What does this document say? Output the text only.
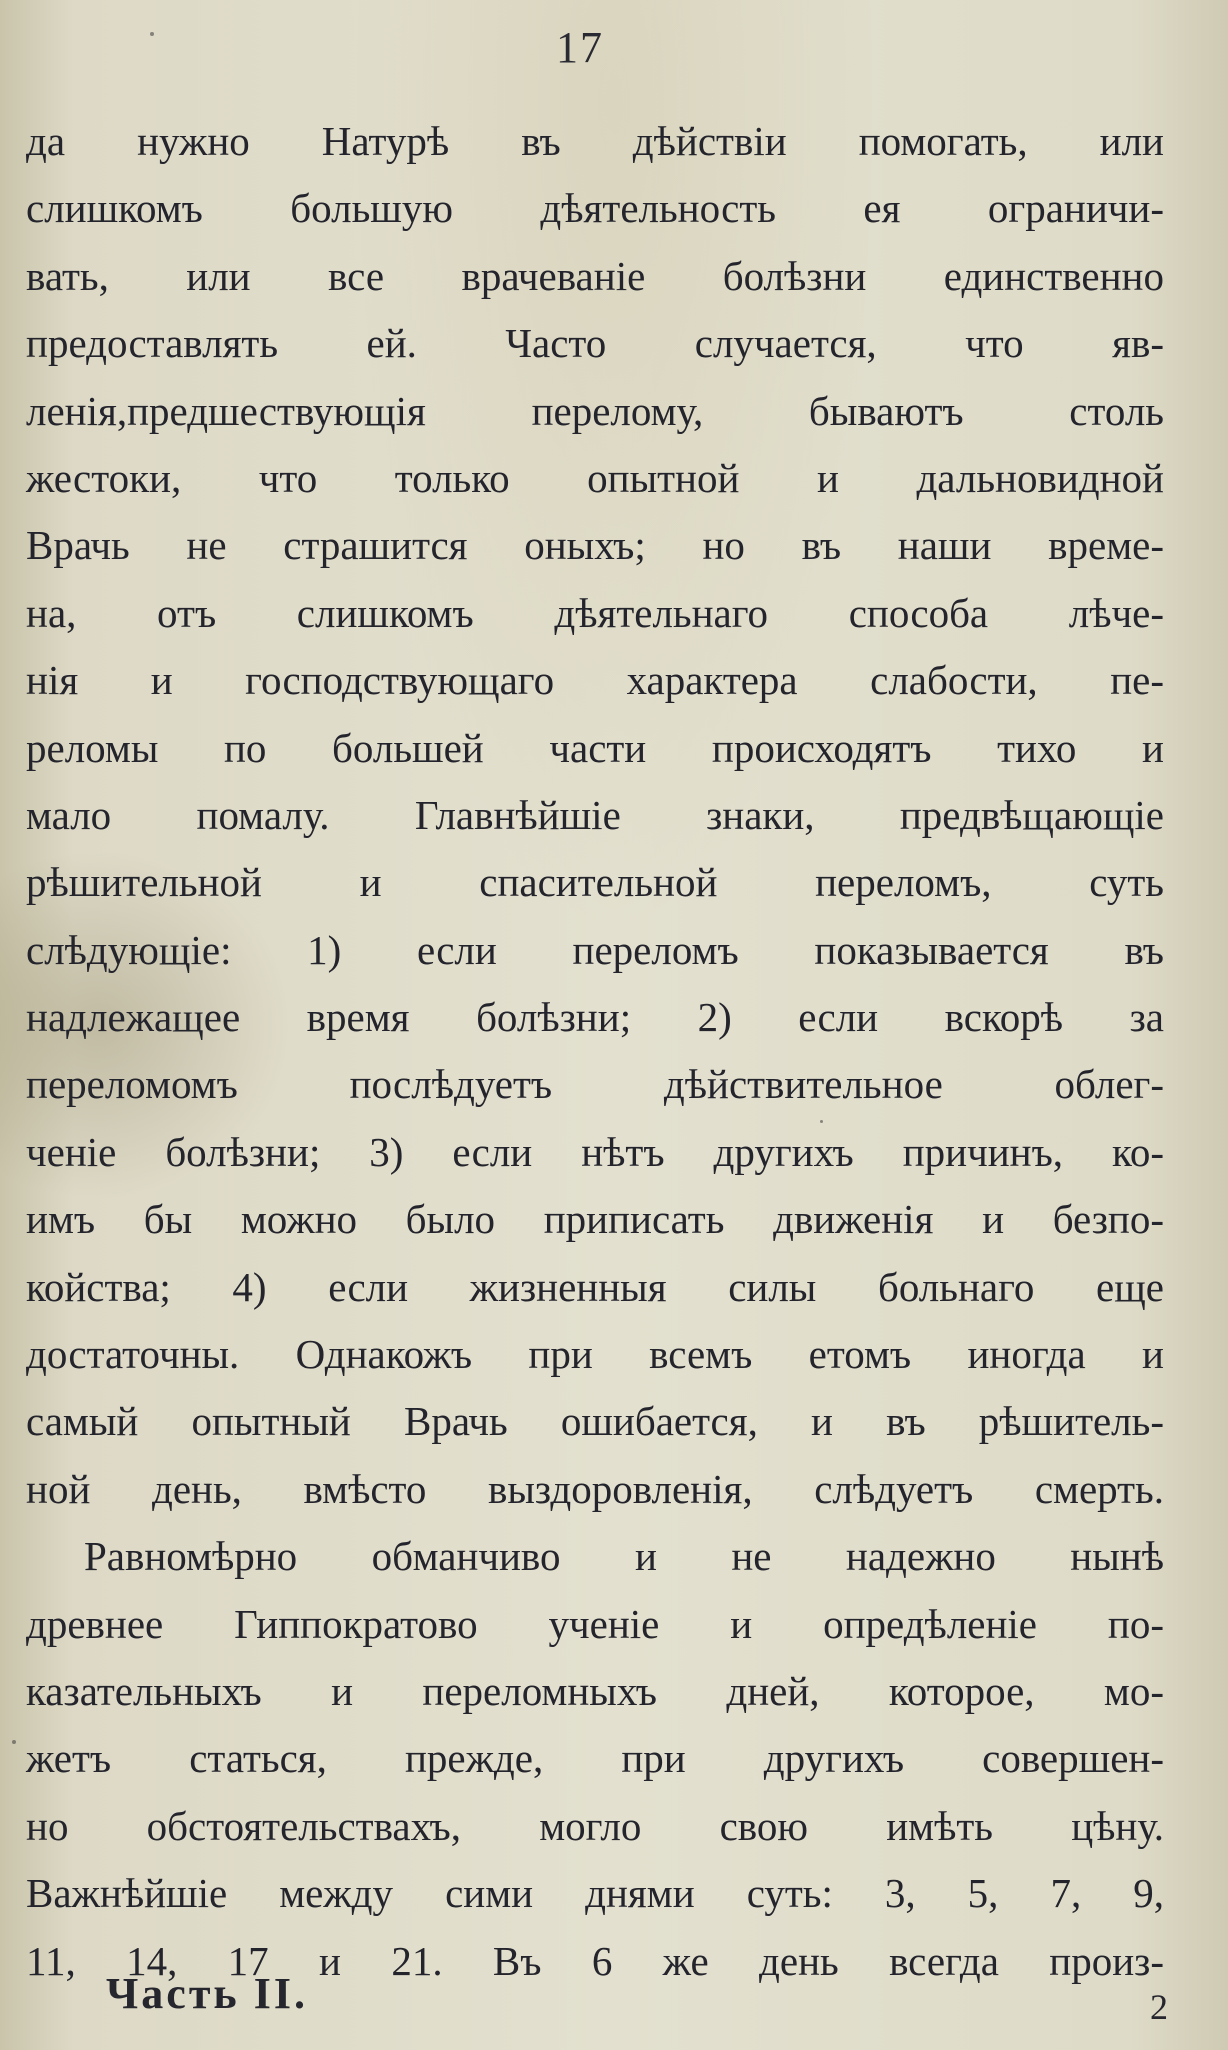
17
да нужно Натурѣ въ дѣйствіи помогать, или
слишкомъ большую дѣятельность ея ограничи-
вать, или все врачеваніе болѣзни единственно
предоставлять ей. Часто случается, что яв-
ленія,предшествующія перелому, бываютъ столь
жестоки, что только опытной и дальновидной
Врачь не страшится оныхъ; но въ наши време-
на, отъ слишкомъ дѣятельнаго способа лѣче-
нія и господствующаго характера слабости, пе-
реломы по большей части происходятъ тихо и
мало помалу. Главнѣйшіе знаки, предвѣщающіе
рѣшительной и спасительной переломъ, суть
слѣдующіе: 1) если переломъ показывается въ
надлежащее время болѣзни; 2) если вскорѣ за
переломомъ послѣдуетъ дѣйствительное облег-
ченіе болѣзни; 3) если нѣтъ другихъ причинъ, ко-
имъ бы можно было приписать движенія и безпо-
койства; 4) если жизненныя силы больнаго еще
достаточны. Однакожъ при всемъ етомъ иногда и
самый опытный Врачь ошибается, и въ рѣшитель-
ной день, вмѣсто выздоровленія, слѣдуетъ смерть.
Равномѣрно обманчиво и не надежно нынѣ
древнее Гиппократово ученіе и опредѣленіе по-
казательныхъ и переломныхъ дней, которое, мо-
жетъ статься, прежде, при другихъ совершен-
но обстоятельствахъ, могло свою имѣть цѣну.
Важнѣйшіе между сими днями суть: 3, 5, 7, 9,
11, 14, 17 и 21. Въ 6 же день всегда произ-
Часть II.	2
